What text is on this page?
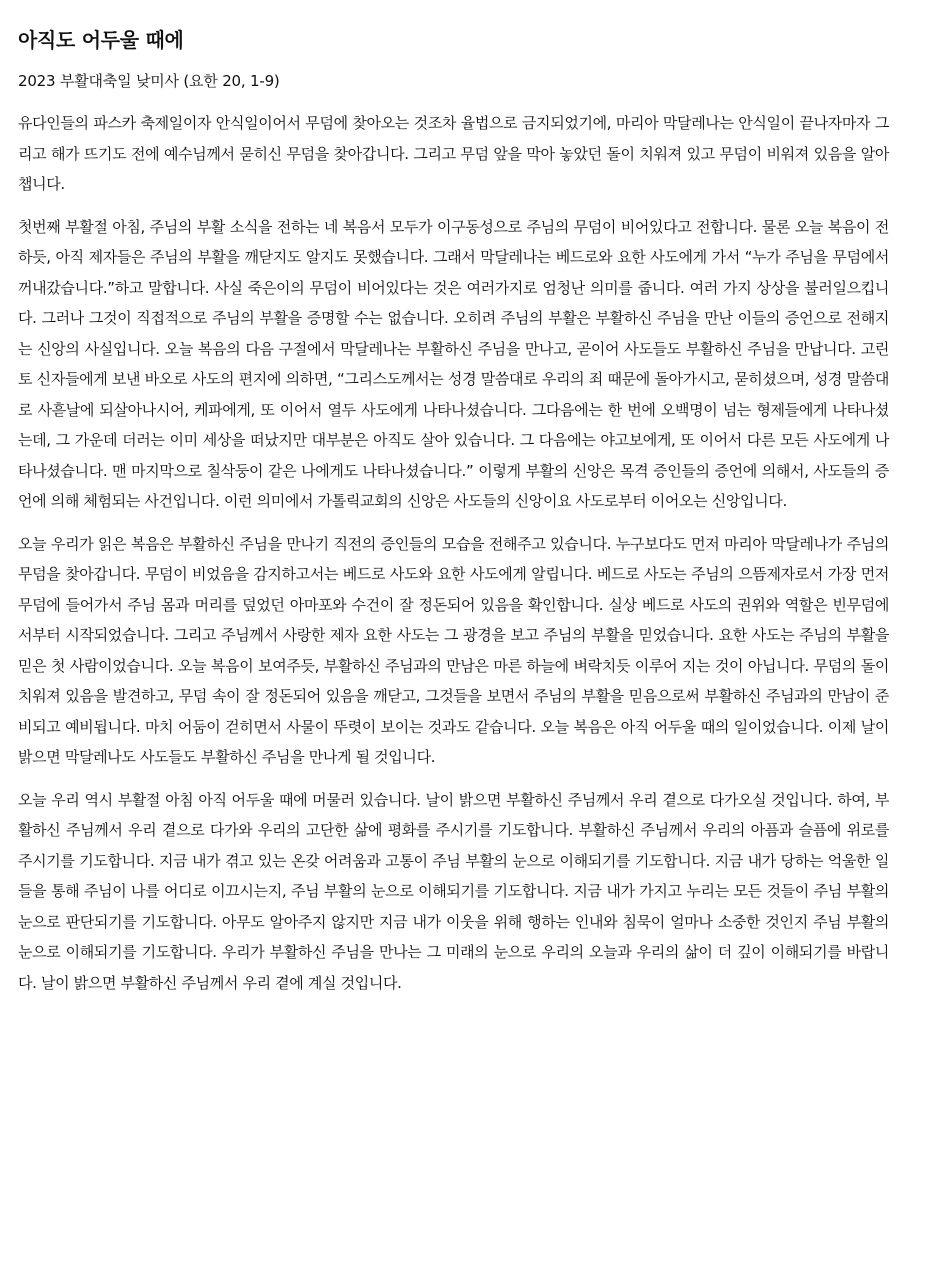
아직도 어두울 때에
2023 부활대축일 낮미사 (요한 20, 1-9)

유다인들의 파스카 축제일이자 안식일이어서 무덤에 찾아오는 것조차 율법으로 금지되었기에, 마리아 막달레나는 안식일이 끝나자마자 그리고 해가 뜨기도 전에 예수님께서 묻히신 무덤을 찾아갑니다. 그리고 무덤 앞을 막아 놓았던 돌이 치워져 있고 무덤이 비워져 있음을 알아챕니다.

첫번째 부활절 아침, 주님의 부활 소식을 전하는 네 복음서 모두가 이구동성으로 주님의 무덤이 비어있다고 전합니다. 물론 오늘 복음이 전하듯, 아직 제자들은 주님의 부활을 깨닫지도 알지도 못했습니다. 그래서 막달레나는 베드로와 요한 사도에게 가서 “누가 주님을 무덤에서 꺼내갔습니다.”하고 말합니다. 사실 죽은이의 무덤이 비어있다는 것은 여러가지로 엄청난 의미를 줍니다. 여러 가지 상상을 불러일으킵니다. 그러나 그것이 직접적으로 주님의 부활을 증명할 수는 없습니다. 오히려 주님의 부활은 부활하신 주님을 만난 이들의 증언으로 전해지는 신앙의 사실입니다. 오늘 복음의 다음 구절에서 막달레나는 부활하신 주님을 만나고, 곧이어 사도들도 부활하신 주님을 만납니다. 고린토 신자들에게 보낸 바오로 사도의 편지에 의하면, “그리스도께서는 성경 말씀대로 우리의 죄 때문에 돌아가시고, 묻히셨으며, 성경 말씀대로 사흗날에 되살아나시어, 케파에게, 또 이어서 열두 사도에게 나타나셨습니다. 그다음에는 한 번에 오백명이 넘는 형제들에게 나타나셨는데, 그 가운데 더러는 이미 세상을 떠났지만 대부분은 아직도 살아 있습니다. 그 다음에는 야고보에게, 또 이어서 다른 모든 사도에게 나타나셨습니다. 맨 마지막으로 칠삭둥이 같은 나에게도 나타나셨습니다.” 이렇게 부활의 신앙은 목격 증인들의 증언에 의해서, 사도들의 증언에 의해 체험되는 사건입니다. 이런 의미에서 가톨릭교회의 신앙은 사도들의 신앙이요 사도로부터 이어오는 신앙입니다.

오늘 우리가 읽은 복음은 부활하신 주님을 만나기 직전의 증인들의 모습을 전해주고 있습니다. 누구보다도 먼저 마리아 막달레나가 주님의 무덤을 찾아갑니다. 무덤이 비었음을 감지하고서는 베드로 사도와 요한 사도에게 알립니다. 베드로 사도는 주님의 으뜸제자로서 가장 먼저 무덤에 들어가서 주님 몸과 머리를 덮었던 아마포와 수건이 잘 정돈되어 있음을 확인합니다. 실상 베드로 사도의 권위와 역할은 빈무덤에서부터 시작되었습니다. 그리고 주님께서 사랑한 제자 요한 사도는 그 광경을 보고 주님의 부활을 믿었습니다. 요한 사도는 주님의 부활을 믿은 첫 사람이었습니다. 오늘 복음이 보여주듯, 부활하신 주님과의 만남은 마른 하늘에 벼락치듯 이루어 지는 것이 아닙니다. 무덤의 돌이 치워져 있음을 발견하고, 무덤 속이 잘 정돈되어 있음을 깨닫고, 그것들을 보면서 주님의 부활을 믿음으로써 부활하신 주님과의 만남이 준비되고 예비됩니다. 마치 어둠이 걷히면서 사물이 뚜렷이 보이는 것과도 같습니다. 오늘 복음은 아직 어두울 때의 일이었습니다. 이제 날이 밝으면 막달레나도 사도들도 부활하신 주님을 만나게 될 것입니다.

오늘 우리 역시 부활절 아침 아직 어두울 때에 머물러 있습니다. 날이 밝으면 부활하신 주님께서 우리 곁으로 다가오실 것입니다. 하여, 부활하신 주님께서 우리 곁으로 다가와 우리의 고단한 삶에 평화를 주시기를 기도합니다. 부활하신 주님께서 우리의 아픔과 슬픔에 위로를 주시기를 기도합니다. 지금 내가 겪고 있는 온갖 어려움과 고통이 주님 부활의 눈으로 이해되기를 기도합니다. 지금 내가 당하는 억울한 일들을 통해 주님이 나를 어디로 이끄시는지, 주님 부활의 눈으로 이해되기를 기도합니다. 지금 내가 가지고 누리는 모든 것들이 주님 부활의 눈으로 판단되기를 기도합니다. 아무도 알아주지 않지만 지금 내가 이웃을 위해 행하는 인내와 침묵이 얼마나 소중한 것인지 주님 부활의 눈으로 이해되기를 기도합니다. 우리가 부활하신 주님을 만나는 그 미래의 눈으로 우리의 오늘과 우리의 삶이 더 깊이 이해되기를 바랍니다. 날이 밝으면 부활하신 주님께서 우리 곁에 계실 것입니다.
